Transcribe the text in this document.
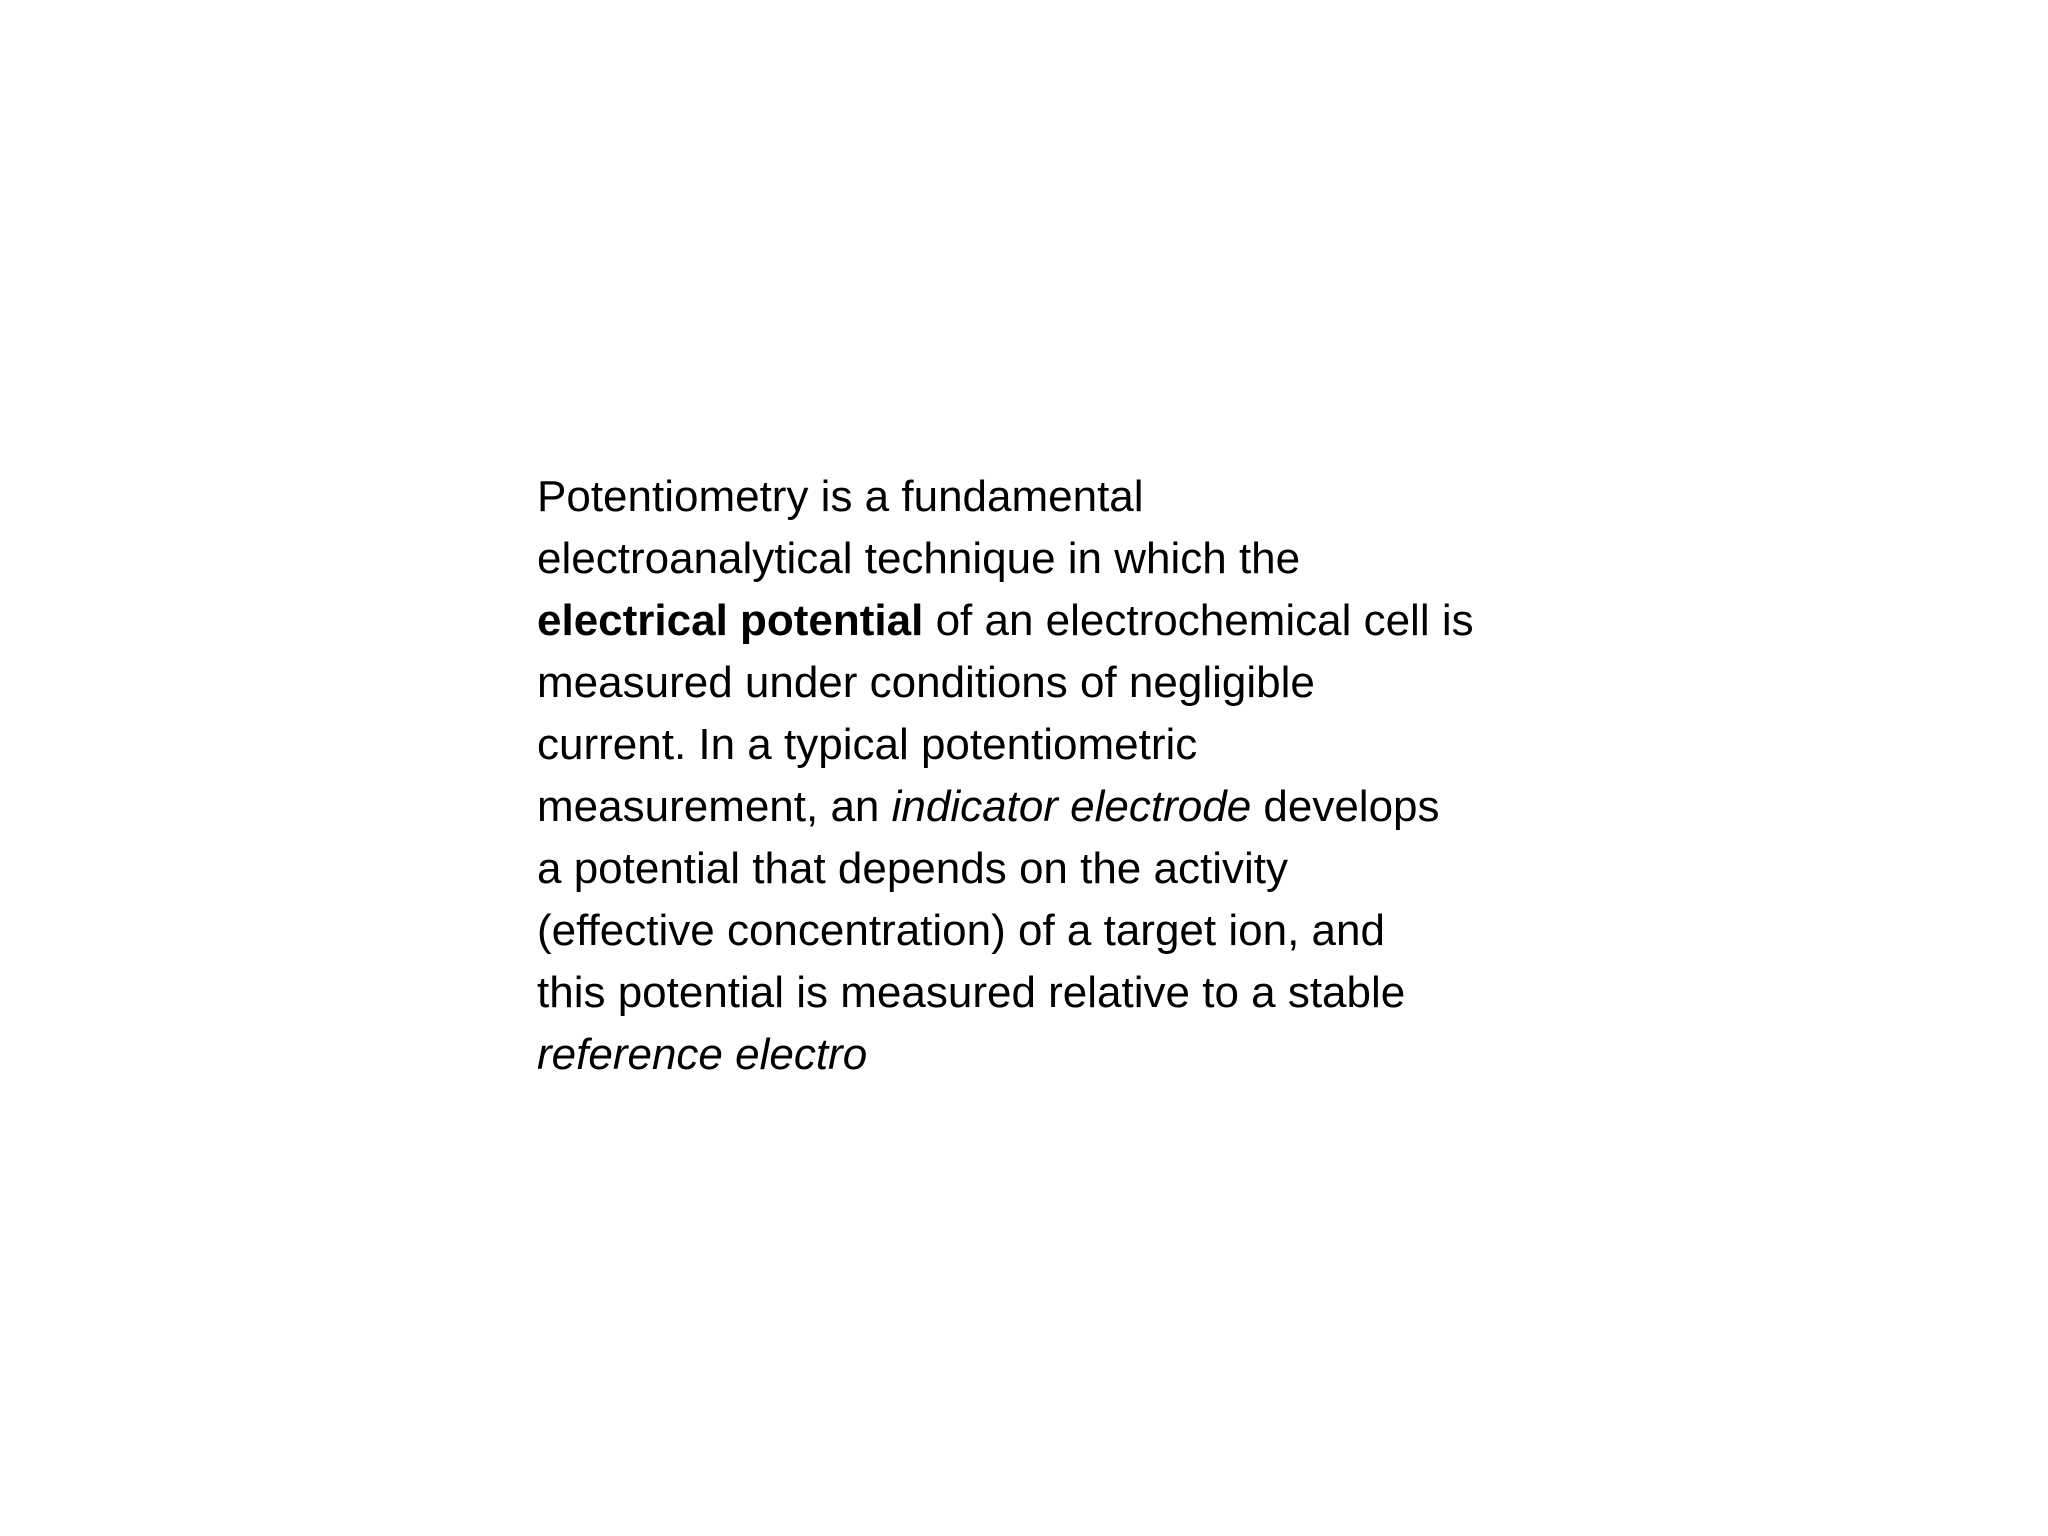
Potentiometry is a fundamental
electroanalytical technique in which the
electrical potential of an electrochemical cell is
measured under conditions of negligible
current. In a typical potentiometric
measurement, an indicator electrode develops
a potential that depends on the activity
(effective concentration) of a target ion, and
this potential is measured relative to a stable
reference electro
